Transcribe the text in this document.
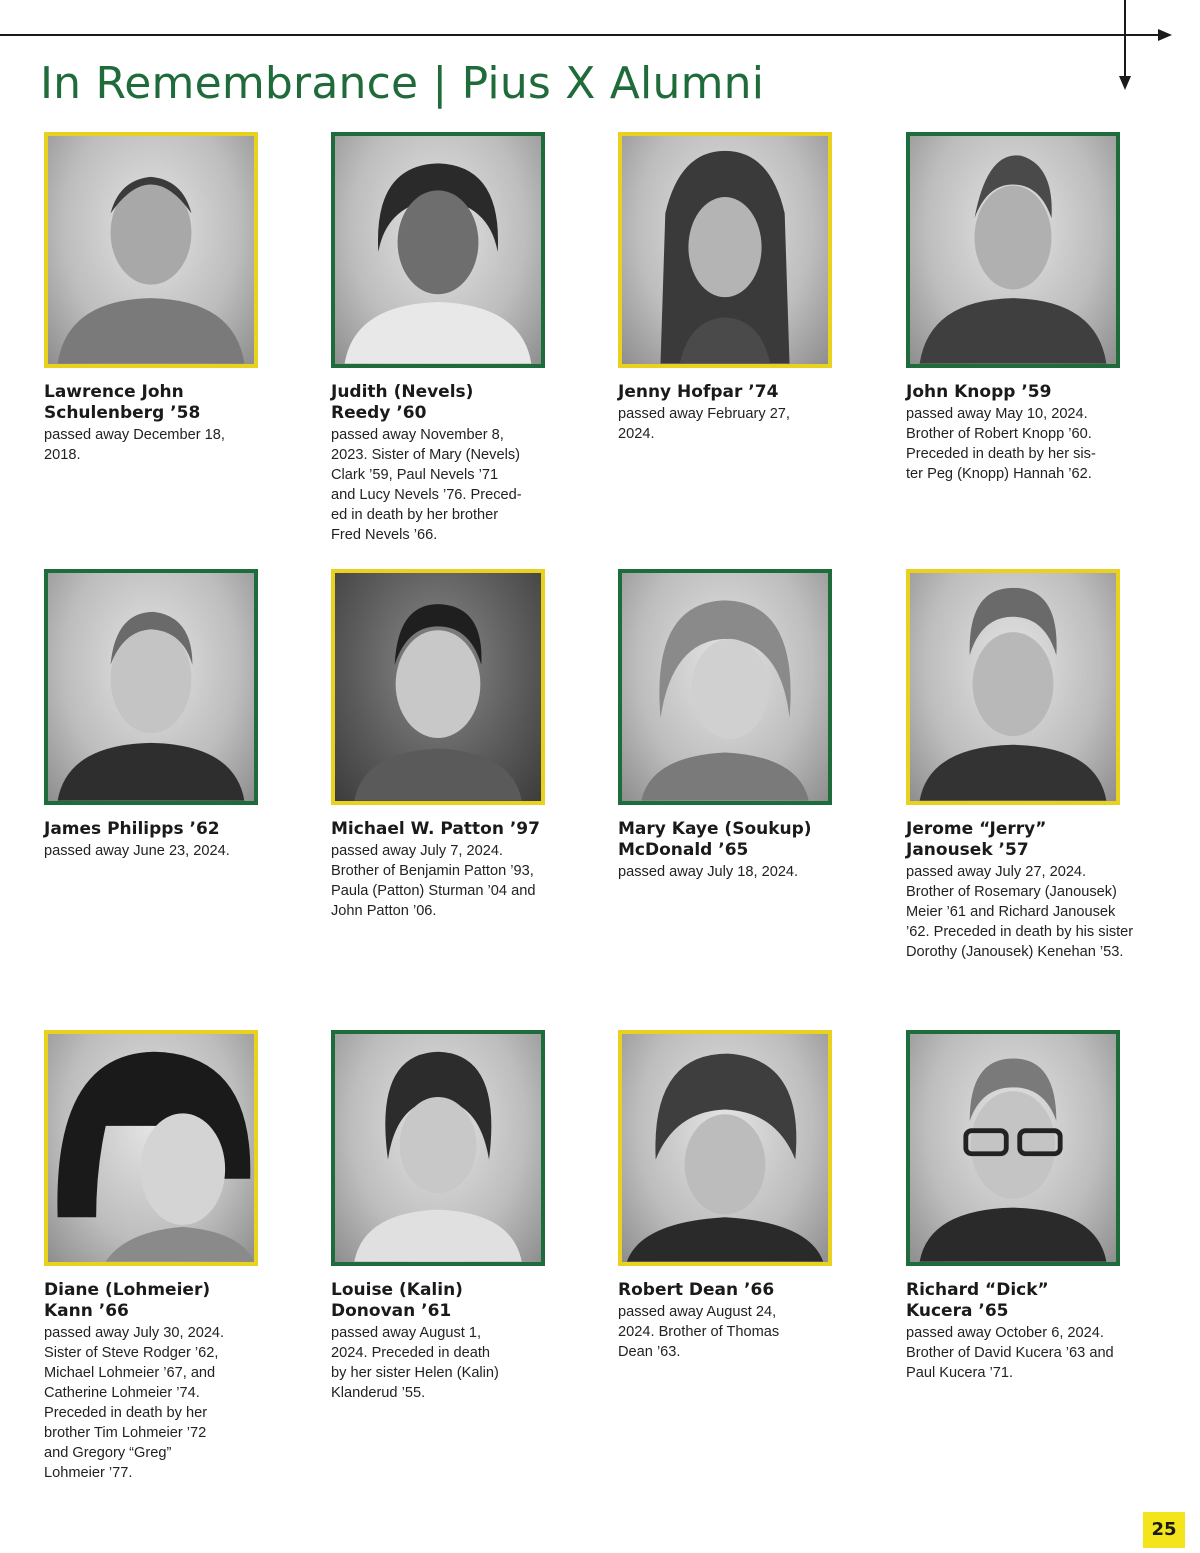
In Remembrance | Pius X Alumni
Lawrence John
Schulenberg ’58
passed away December 18,
2018.
Judith (Nevels)
Reedy ’60
passed away November 8,
2023. Sister of Mary (Nevels)
Clark ’59, Paul Nevels ’71
and Lucy Nevels ’76. Preced-
ed in death by her brother
Fred Nevels ’66.
Jenny Hofpar ’74
passed away February 27,
2024.
John Knopp ’59
passed away May 10, 2024.
Brother of Robert Knopp ’60.
Preceded in death by her sis-
ter Peg (Knopp) Hannah ’62.
James Philipps ’62
passed away June 23, 2024.
Michael W. Patton ’97
passed away July 7, 2024.
Brother of Benjamin Patton ’93,
Paula (Patton) Sturman ’04 and
John Patton ’06.
Mary Kaye (Soukup)
McDonald ’65
passed away July 18, 2024.
Jerome “Jerry”
Janousek ’57
passed away July 27, 2024.
Brother of Rosemary (Janousek)
Meier ’61 and Richard Janousek
’62. Preceded in death by his sister
Dorothy (Janousek) Kenehan ’53.
Diane (Lohmeier)
Kann ’66
passed away July 30, 2024.
Sister of Steve Rodger ’62,
Michael Lohmeier ’67, and
Catherine Lohmeier ’74.
Preceded in death by her
brother Tim Lohmeier ’72
and Gregory “Greg”
Lohmeier ’77.
Louise (Kalin)
Donovan ’61
passed away August 1,
2024. Preceded in death
by her sister Helen (Kalin)
Klanderud ’55.
Robert Dean ’66
passed away August 24,
2024. Brother of Thomas
Dean ’63.
Richard “Dick”
Kucera ’65
passed away October 6, 2024.
Brother of David Kucera ’63 and
Paul Kucera ’71.
25
